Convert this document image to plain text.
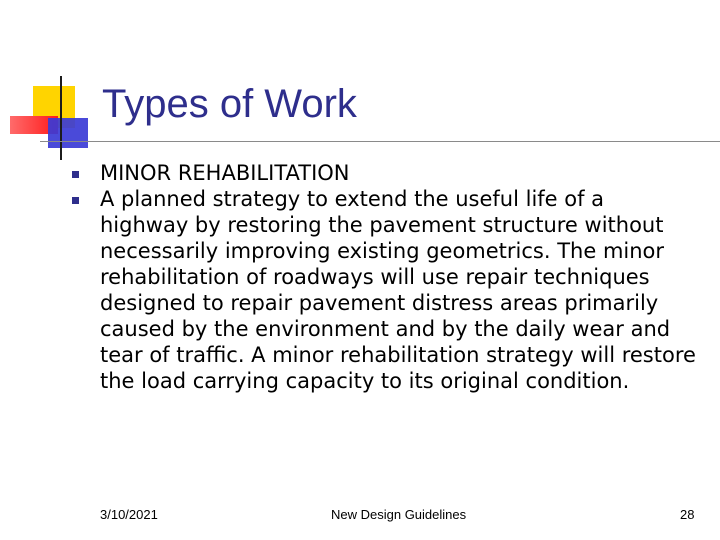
Types of Work
MINOR REHABILITATION
A planned strategy to extend the useful life of a highway by restoring the pavement structure without necessarily improving existing geometrics. The minor rehabilitation of roadways will use repair techniques designed to repair pavement distress areas primarily caused by the environment and by the daily wear and tear of traffic. A minor rehabilitation strategy will restore the load carrying capacity to its original condition.
3/10/2021	New Design Guidelines	28
